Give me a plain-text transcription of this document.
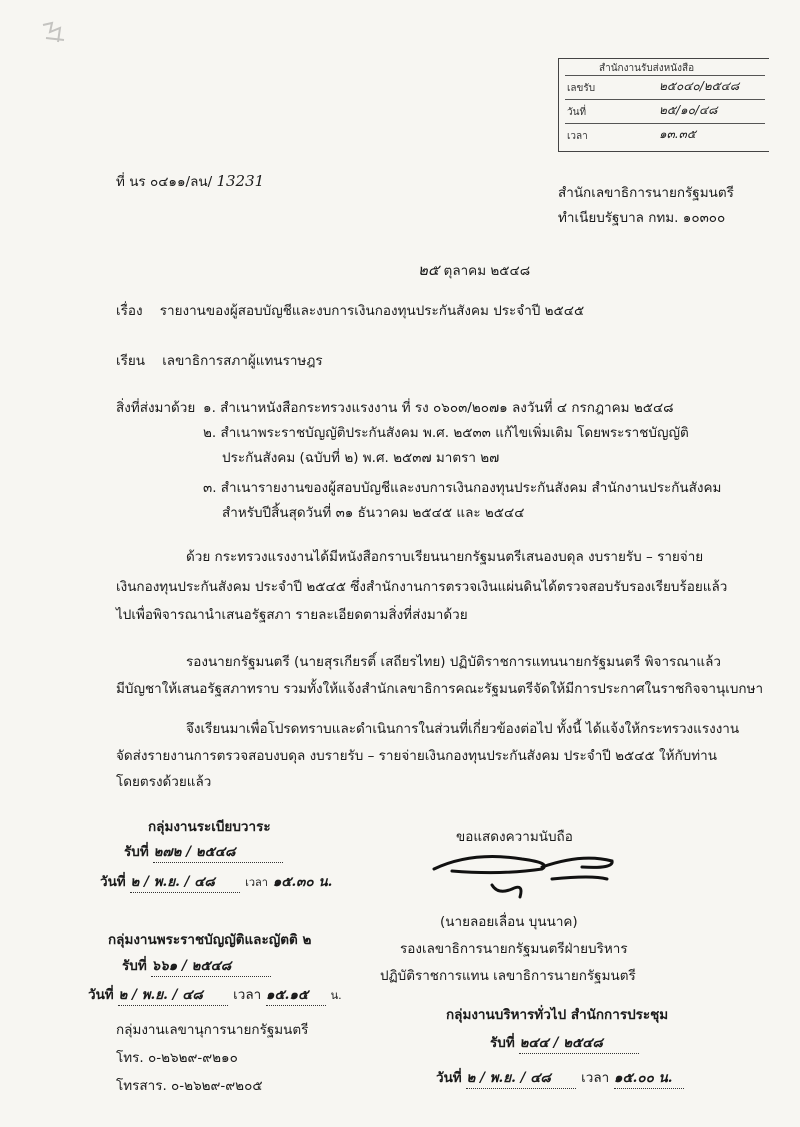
สำนักงานรับส่งหนังสือ
เลขรับ	๒๕๐๔๐/๒๕๔๘
วันที่	๒๕/๑๐/๔๘
เวลา	๑๓.๓๕
ที่ นร ๐๔๑๑/ลน/ 13231
สำนักเลขาธิการนายกรัฐมนตรี
ทำเนียบรัฐบาล กทม. ๑๐๓๐๐
๒๕ ตุลาคม ๒๕๔๘
เรื่อง รายงานของผู้สอบบัญชีและงบการเงินกองทุนประกันสังคม ประจำปี ๒๕๔๕
เรียน เลขาธิการสภาผู้แทนราษฎร
สิ่งที่ส่งมาด้วย ๑. สำเนาหนังสือกระทรวงแรงงาน ที่ รง ๐๖๐๓/๒๐๗๑ ลงวันที่ ๔ กรกฎาคม ๒๕๔๘
๒. สำเนาพระราชบัญญัติประกันสังคม พ.ศ. ๒๕๓๓ แก้ไขเพิ่มเติม โดยพระราชบัญญัติ
ประกันสังคม (ฉบับที่ ๒) พ.ศ. ๒๕๓๗ มาตรา ๒๗
๓. สำเนารายงานของผู้สอบบัญชีและงบการเงินกองทุนประกันสังคม สำนักงานประกันสังคม
สำหรับปีสิ้นสุดวันที่ ๓๑ ธันวาคม ๒๕๔๕ และ ๒๕๔๔
ด้วย กระทรวงแรงงานได้มีหนังสือกราบเรียนนายกรัฐมนตรีเสนองบดุล งบรายรับ – รายจ่าย
เงินกองทุนประกันสังคม ประจำปี ๒๕๔๕ ซึ่งสำนักงานการตรวจเงินแผ่นดินได้ตรวจสอบรับรองเรียบร้อยแล้ว
ไปเพื่อพิจารณานำเสนอรัฐสภา รายละเอียดตามสิ่งที่ส่งมาด้วย
รองนายกรัฐมนตรี (นายสุรเกียรติ์ เสถียรไทย) ปฏิบัติราชการแทนนายกรัฐมนตรี พิจารณาแล้ว
มีบัญชาให้เสนอรัฐสภาทราบ รวมทั้งให้แจ้งสำนักเลขาธิการคณะรัฐมนตรีจัดให้มีการประกาศในราชกิจจานุเบกษา
จึงเรียนมาเพื่อโปรดทราบและดำเนินการในส่วนที่เกี่ยวข้องต่อไป ทั้งนี้ ได้แจ้งให้กระทรวงแรงงาน
จัดส่งรายงานการตรวจสอบงบดุล งบรายรับ – รายจ่ายเงินกองทุนประกันสังคม ประจำปี ๒๕๔๕ ให้กับท่าน
โดยตรงด้วยแล้ว
ขอแสดงความนับถือ
(นายลอยเลื่อน บุนนาค)
รองเลขาธิการนายกรัฐมนตรีฝ่ายบริหาร
ปฏิบัติราชการแทน เลขาธิการนายกรัฐมนตรี
กลุ่มงานระเบียบวาระ
รับที่ ๒๗๒ / ๒๕๔๘
วันที่ ๒ / พ.ย. / ๔๘	เวลา ๑๕.๓๐ น.
กลุ่มงานพระราชบัญญัติและญัตติ ๒
รับที่ ๖๖๑ / ๒๕๔๘
วันที่ ๒ / พ.ย. / ๔๘ เวลา ๑๕.๑๕ น.
กลุ่มงานเลขานุการนายกรัฐมนตรี
โทร. ๐-๒๖๒๙-๙๒๑๐
โทรสาร. ๐-๒๖๒๙-๙๒๐๕
กลุ่มงานบริหารทั่วไป สำนักการประชุม
รับที่ ๒๔๔ / ๒๕๔๘
วันที่ ๒ / พ.ย. / ๔๘ เวลา ๑๕.๐๐ น.
